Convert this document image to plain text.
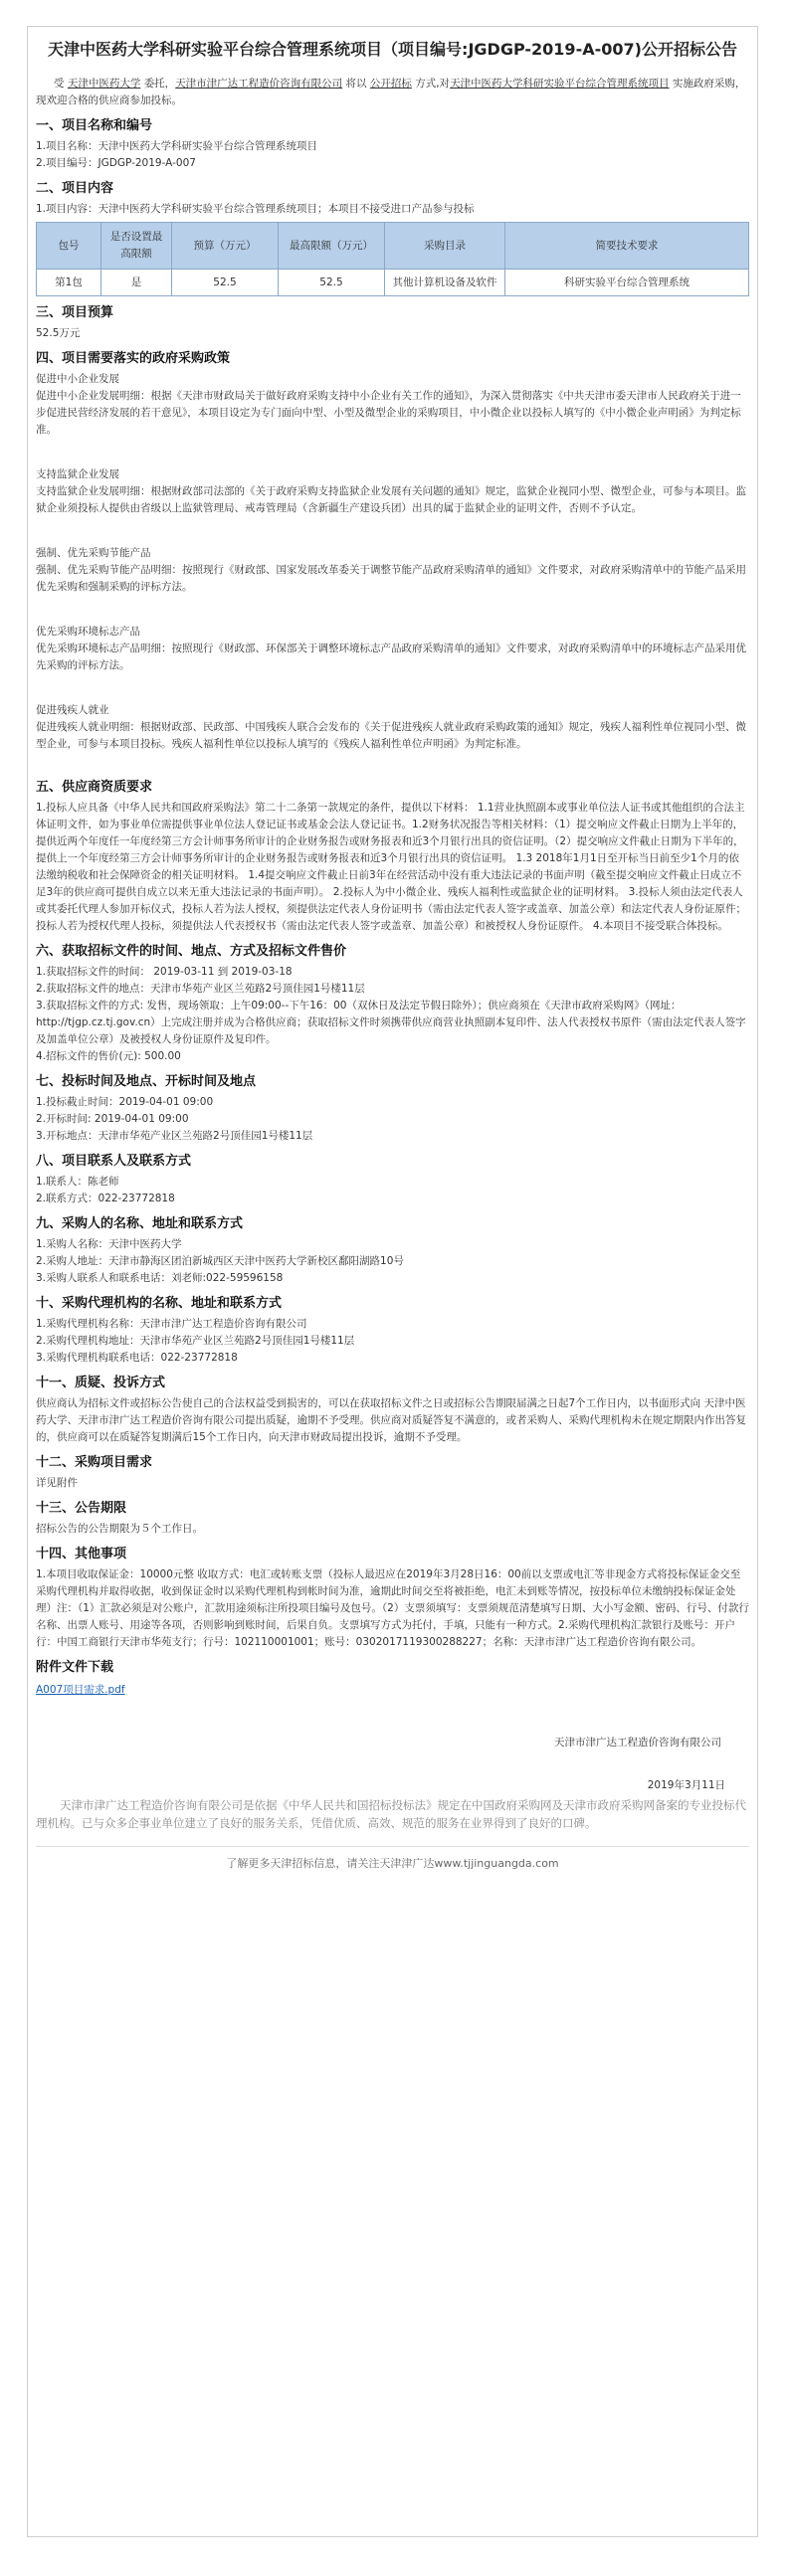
天津中医药大学科研实验平台综合管理系统项目（项目编号:JGDGP-2019-A-007)公开招标公告

受 天津中医药大学 委托，天津市津广达工程造价咨询有限公司 将以 公开招标 方式,对天津中医药大学科研实验平台综合管理系统项目 实施政府采购，现欢迎合格的供应商参加投标。

一、项目名称和编号

1.项目名称：天津中医药大学科研实验平台综合管理系统项目

2.项目编号：JGDGP-2019-A-007

二、项目内容

1.项目内容：天津中医药大学科研实验平台综合管理系统项目；本项目不接受进口产品参与投标

包号	是否设置最高限额	预算（万元）	最高限额（万元）	采购目录	简要技术要求
第1包	是	52.5	52.5	其他计算机设备及软件	科研实验平台综合管理系统
三、项目预算

52.5万元

四、项目需要落实的政府采购政策

促进中小企业发展

促进中小企业发展明细：根据《天津市财政局关于做好政府采购支持中小企业有关工作的通知》，为深入贯彻落实《中共天津市委天津市人民政府关于进一步促进民营经济发展的若干意见》，本项目设定为专门面向中型、小型及微型企业的采购项目，中小微企业以投标人填写的《中小微企业声明函》为判定标准。

支持监狱企业发展

支持监狱企业发展明细：根据财政部司法部的《关于政府采购支持监狱企业发展有关问题的通知》规定，监狱企业视同小型、微型企业，可参与本项目。监狱企业须投标人提供由省级以上监狱管理局、戒毒管理局（含新疆生产建设兵团）出具的属于监狱企业的证明文件，否则不予认定。

强制、优先采购节能产品

强制、优先采购节能产品明细：按照现行《财政部、国家发展改革委关于调整节能产品政府采购清单的通知》文件要求，对政府采购清单中的节能产品采用优先采购和强制采购的评标方法。

优先采购环境标志产品

优先采购环境标志产品明细：按照现行《财政部、环保部关于调整环境标志产品政府采购清单的通知》文件要求，对政府采购清单中的环境标志产品采用优先采购的评标方法。

促进残疾人就业

促进残疾人就业明细：根据财政部、民政部、中国残疾人联合会发布的《关于促进残疾人就业政府采购政策的通知》规定，残疾人福利性单位视同小型、微型企业，可参与本项目投标。残疾人福利性单位以投标人填写的《残疾人福利性单位声明函》为判定标准。

五、供应商资质要求

1.投标人应具备《中华人民共和国政府采购法》第二十二条第一款规定的条件，提供以下材料： 1.1营业执照副本或事业单位法人证书或其他组织的合法主体证明文件，如为事业单位需提供事业单位法人登记证书或基金会法人登记证书。1.2财务状况报告等相关材料：（1）提交响应文件截止日期为上半年的，提供近两个年度任一年度经第三方会计师事务所审计的企业财务报告或财务报表和近3个月银行出具的资信证明。（2）提交响应文件截止日期为下半年的，提供上一个年度经第三方会计师事务所审计的企业财务报告或财务报表和近3个月银行出具的资信证明。 1.3 2018年1月1日至开标当日前至少1个月的依法缴纳税收和社会保障资金的相关证明材料。 1.4提交响应文件截止日前3年在经营活动中没有重大违法记录的书面声明（截至提交响应文件截止日成立不足3年的供应商可提供自成立以来无重大违法记录的书面声明）。 2.投标人为中小微企业、残疾人福利性或监狱企业的证明材料。 3.投标人须由法定代表人或其委托代理人参加开标仪式，投标人若为法人授权，须提供法定代表人身份证明书（需由法定代表人签字或盖章、加盖公章）和法定代表人身份证原件；投标人若为授权代理人投标，须提供法人代表授权书（需由法定代表人签字或盖章、加盖公章）和被授权人身份证原件。 4.本项目不接受联合体投标。

六、获取招标文件的时间、地点、方式及招标文件售价

1.获取招标文件的时间： 2019-03-11 到 2019-03-18

2.获取招标文件的地点：天津市华苑产业区兰苑路2号顶佳园1号楼11层

3.获取招标文件的方式: 发售，现场领取：上午09:00--下午16：00（双休日及法定节假日除外）；供应商须在《天津市政府采购网》（网址：http://tjgp.cz.tj.gov.cn）上完成注册并成为合格供应商；获取招标文件时须携带供应商营业执照副本复印件、法人代表授权书原件（需由法定代表人签字及加盖单位公章）及被授权人身份证原件及复印件。

4.招标文件的售价(元): 500.00

七、投标时间及地点、开标时间及地点

1.投标截止时间：2019-04-01 09:00

2.开标时间: 2019-04-01 09:00

3.开标地点：天津市华苑产业区兰苑路2号顶佳园1号楼11层

八、项目联系人及联系方式

1.联系人：陈老师

2.联系方式：022-23772818

九、采购人的名称、地址和联系方式

1.采购人名称：天津中医药大学

2.采购人地址：天津市静海区团泊新城西区天津中医药大学新校区鄱阳湖路10号

3.采购人联系人和联系电话：刘老师:022-59596158

十、采购代理机构的名称、地址和联系方式

1.采购代理机构名称：天津市津广达工程造价咨询有限公司

2.采购代理机构地址：天津市华苑产业区兰苑路2号顶佳园1号楼11层

3.采购代理机构联系电话：022-23772818

十一、质疑、投诉方式

供应商认为招标文件或招标公告使自己的合法权益受到损害的，可以在获取招标文件之日或招标公告期限届满之日起7个工作日内，以书面形式向 天津中医药大学、天津市津广达工程造价咨询有限公司提出质疑，逾期不予受理。供应商对质疑答复不满意的，或者采购人、采购代理机构未在规定期限内作出答复的，供应商可以在质疑答复期满后15个工作日内，向天津市财政局提出投诉，逾期不予受理。

十二、采购项目需求

详见附件

十三、公告期限

招标公告的公告期限为５个工作日。

十四、其他事项

1.本项目收取保证金：10000元整 收取方式：电汇或转账支票（投标人最迟应在2019年3月28日16：00前以支票或电汇等非现金方式将投标保证金交至采购代理机构并取得收据，收到保证金时以采购代理机构到帐时间为准，逾期此时间交至将被拒绝，电汇未到账等情况，按投标单位未缴纳投标保证金处理）注：（1）汇款必须是对公账户，汇款用途须标注所投项目编号及包号。（2）支票须填写：支票须规范清楚填写日期、大小写金额、密码、行号、付款行名称、出票人账号、用途等各项，否则影响到账时间，后果自负。支票填写方式为托付，手填，只能有一种方式。2.采购代理机构汇款银行及账号：开户行：中国工商银行天津市华苑支行；行号：102110001001；账号：0302017119300288227；名称：天津市津广达工程造价咨询有限公司。

附件文件下载
A007项目需求.pdf
天津市津广达工程造价咨询有限公司
2019年3月11日

天津市津广达工程造价咨询有限公司是依据《中华人民共和国招标投标法》规定在中国政府采购网及天津市政府采购网备案的专业投标代理机构。已与众多企事业单位建立了良好的服务关系，凭借优质、高效、规范的服务在业界得到了良好的口碑。

了解更多天津招标信息，请关注天津津广达www.tjjinguangda.com
